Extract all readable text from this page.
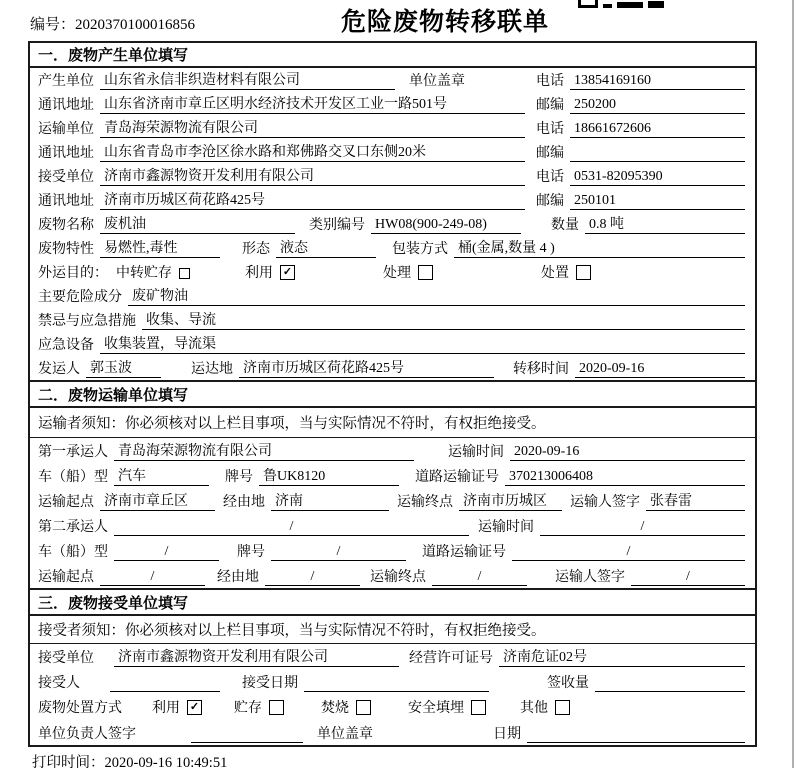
编号：2020370100016856	危险废物转移联单
一．废物产生单位填写
产生单位 山东省永信非织造材料有限公司	单位盖章	电话 13854169160
通讯地址 山东省济南市章丘区明水经济技术开发区工业一路501号	邮编 250200
运输单位 青岛海荣源物流有限公司	电话 18661672606
通讯地址 山东省青岛市李沧区徐水路和郑佛路交叉口东侧20米	邮编
接受单位 济南市鑫源物资开发利用有限公司	电话 0531-82095390
通讯地址 济南市历城区荷花路425号	邮编 250101
废物名称 废机油	类别编号 HW08(900-249-08)	数量 0.8 吨
废物特性 易燃性,毒性	形态 液态	包装方式 桶(金属,数量 4 )
外运目的： 中转贮存	利用 ✓	处理	处置
主要危险成分 废矿物油
禁忌与应急措施 收集、导流
应急设备 收集装置，导流渠
发运人 郭玉波	运达地 济南市历城区荷花路425号	转移时间 2020-09-16
二．废物运输单位填写
运输者须知：你必须核对以上栏目事项，当与实际情况不符时，有权拒绝接受。
第一承运人 青岛海荣源物流有限公司	运输时间 2020-09-16
车（船）型 汽车	牌号 鲁UK8120	道路运输证号 370213006408
运输起点 济南市章丘区	经由地 济南	运输终点 济南市历城区	运输人签字 张春雷
第二承运人	/	运输时间	/
车（船）型	/	牌号	/	道路运输证号	/
运输起点	/	经由地	/	运输终点	/	运输人签字	/
三．废物接受单位填写
接受者须知：你必须核对以上栏目事项，当与实际情况不符时，有权拒绝接受。
接受单位 济南市鑫源物资开发利用有限公司	经营许可证号 济南危证02号
接受人	接受日期	签收量
废物处置方式 利用 ✓ 贮存	焚烧	安全填埋	其他
单位负责人签字	单位盖章	日期
打印时间：2020-09-16 10:49:51
